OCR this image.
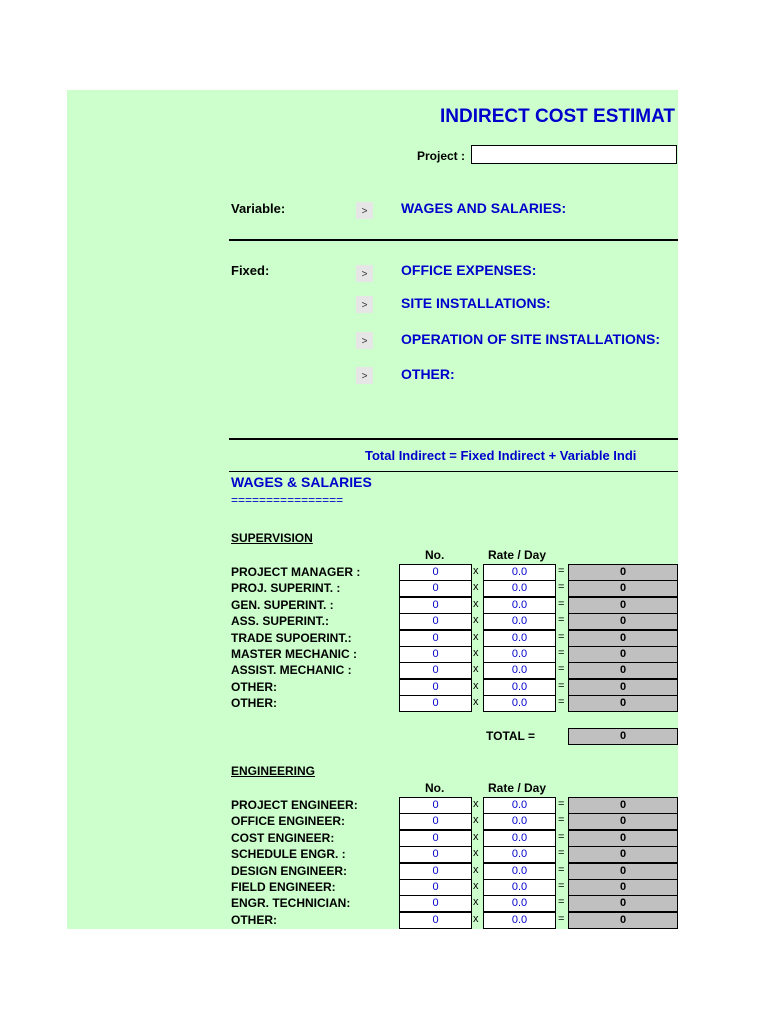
INDIRECT COST ESTIMAT
Project :
Variable:	>	WAGES AND SALARIES:
Fixed:	>	OFFICE EXPENSES:
>	SITE INSTALLATIONS:
>	OPERATION OF SITE INSTALLATIONS:
>	OTHER:
Total Indirect = Fixed Indirect + Variable Indi
WAGES & SALARIES
================
SUPERVISION
No.	Rate / Day
PROJECT MANAGER :	0	x	0.0	=	0
PROJ. SUPERINT. :	0	x	0.0	=	0
GEN. SUPERINT. :	0	x	0.0	=	0
ASS. SUPERINT.:	0	x	0.0	=	0
TRADE SUPOERINT.:	0	x	0.0	=	0
MASTER MECHANIC :	0	x	0.0	=	0
ASSIST. MECHANIC :	0	x	0.0	=	0
OTHER:	0	x	0.0	=	0
OTHER:	0	x	0.0	=	0
TOTAL =	0
ENGINEERING
No.	Rate / Day
PROJECT ENGINEER:	0	x	0.0	=	0
OFFICE ENGINEER:	0	x	0.0	=	0
COST ENGINEER:	0	x	0.0	=	0
SCHEDULE ENGR. :	0	x	0.0	=	0
DESIGN ENGINEER:	0	x	0.0	=	0
FIELD ENGINEER:	0	x	0.0	=	0
ENGR. TECHNICIAN:	0	x	0.0	=	0
OTHER:	0	x	0.0	=	0
